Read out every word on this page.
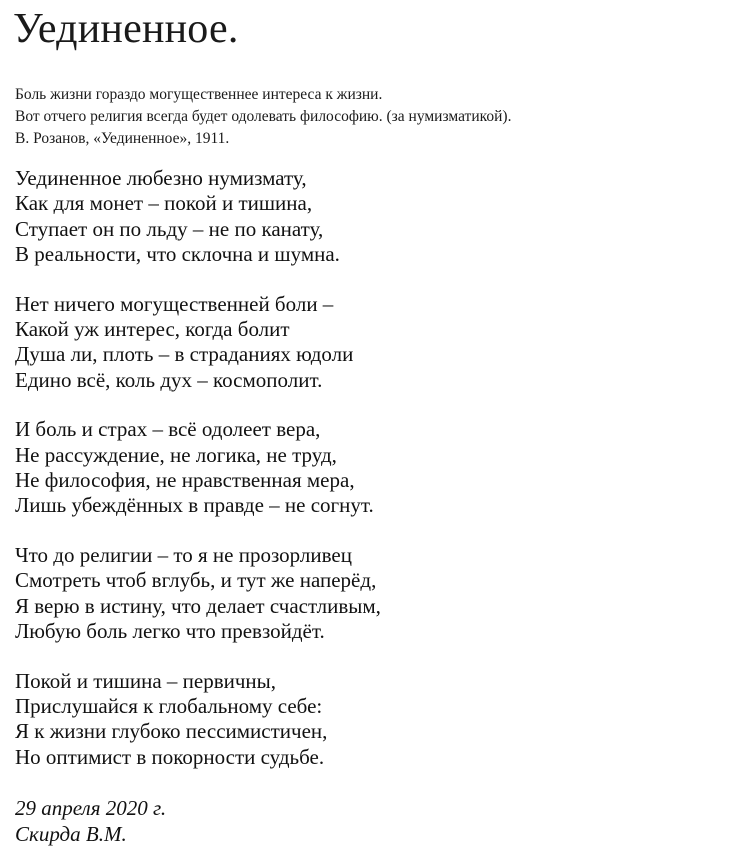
Уединенное.
Боль жизни гораздо могущественнее интереса к жизни.
Вот отчего религия всегда будет одолевать философию. (за нумизматикой).
В. Розанов, «Уединенное», 1911.
Уединенное любезно нумизмату,
Как для монет – покой и тишина,
Ступает он по льду – не по канату,
В реальности, что склочна и шумна.
Нет ничего могущественней боли –
Какой уж интерес, когда болит
Душа ли, плоть – в страданиях юдоли
Едино всё, коль дух – космополит.
И боль и страх – всё одолеет вера,
Не рассуждение, не логика, не труд,
Не философия, не нравственная мера,
Лишь убеждённых в правде – не согнут.
Что до религии – то я не прозорливец
Смотреть чтоб вглубь, и тут же наперёд,
Я верю в истину, что делает счастливым,
Любую боль легко что превзойдёт.
Покой и тишина – первичны,
Прислушайся к глобальному себе:
Я к жизни глубоко пессимистичен,
Но оптимист в покорности судьбе.
29 апреля 2020 г.
Скирда В.М.
